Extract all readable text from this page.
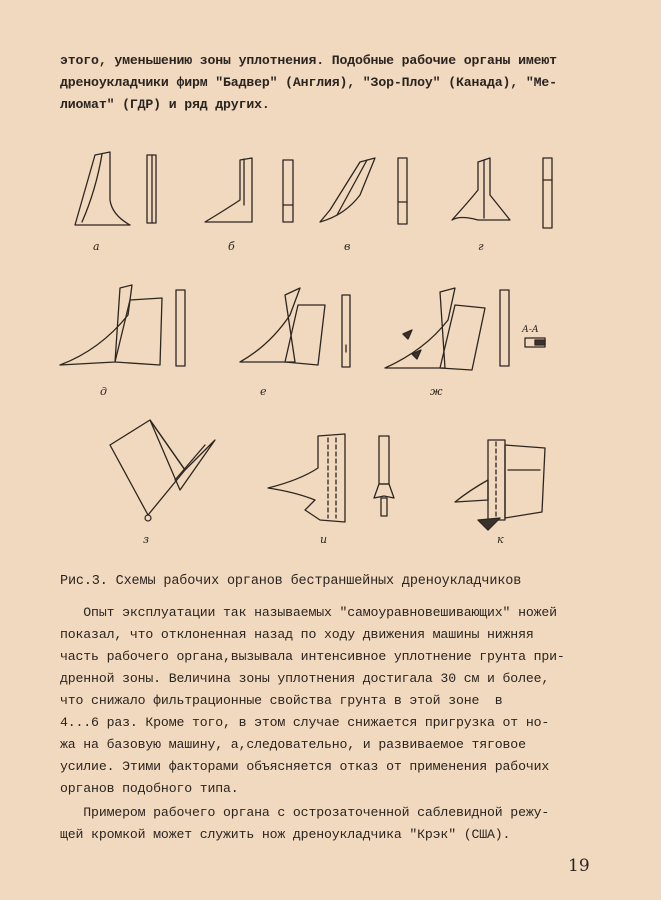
этого, уменьшению зоны уплотнения. Подобные рабочие органы имеют
дреноукладчики фирм "Бадвер" (Англия), "Зор-Плоу" (Канада), "Ме-
лиомат" (ГДР) и ряд других.
а	б	в	г
д	е	ж
А-А
з	и	к
Рис.3. Схемы рабочих органов бестраншейных дреноукладчиков
Опыт эксплуатации так называемых "самоуравновешивающих" ножей
показал, что отклоненная назад по ходу движения машины нижняя
часть рабочего органа,вызывала интенсивное уплотнение грунта при-
дренной зоны. Величина зоны уплотнения достигала 30 см и более,
что снижало фильтрационные свойства грунта в этой зоне  в
4...6 раз. Кроме того, в этом случае снижается пригрузка от но-
жа на базовую машину, а,следовательно, и развиваемое тяговое
усилие. Этими факторами объясняется отказ от применения рабочих
органов подобного типа.
Примером рабочего органа с острозаточенной саблевидной режу-
щей кромкой может служить нож дреноукладчика "Крэк" (США).
19
